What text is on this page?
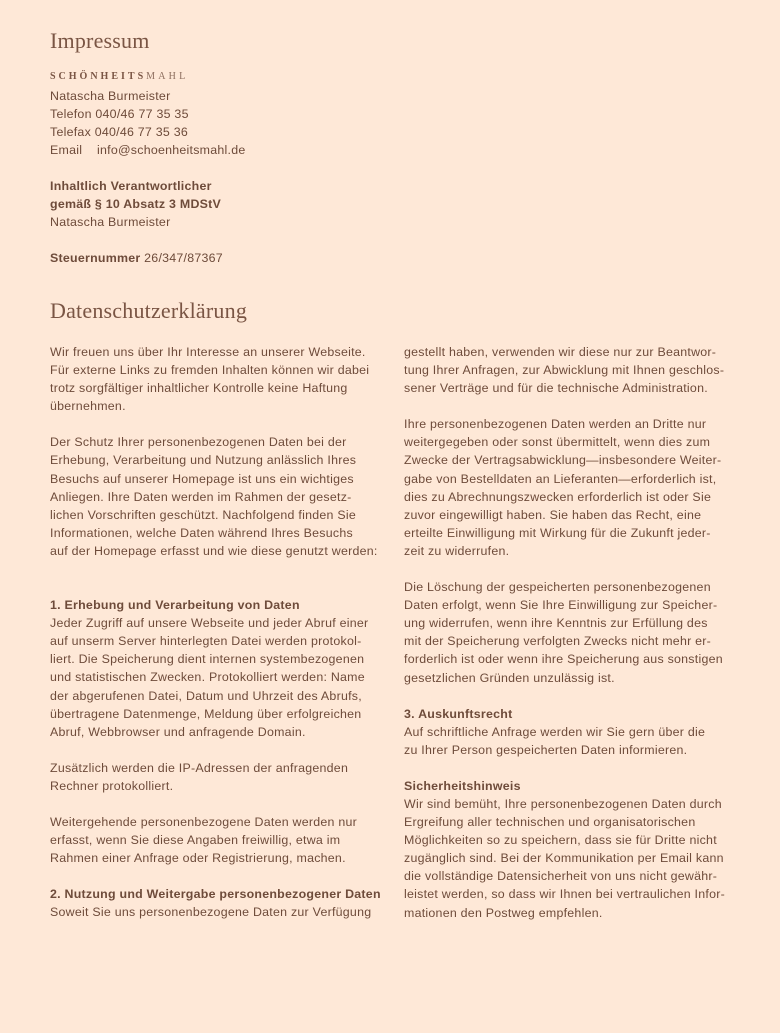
Impressum
SCHÖNHEITSMAHL
Natascha Burmeister
Telefon 040/46 77 35 35
Telefax 040/46 77 35 36
Email info@schoenheitsmahl.de
Inhaltlich Verantwortlicher
gemäß § 10 Absatz 3 MDStV
Natascha Burmeister
Steuernummer 26/347/87367
Datenschutzerklärung

Wir freuen uns über Ihr Interesse an unserer Webseite.

Für externe Links zu fremden Inhalten können wir dabei

trotz sorgfältiger inhaltlicher Kontrolle keine Haftung

übernehmen.

Der Schutz Ihrer personenbezogenen Daten bei der

Erhebung, Verarbeitung und Nutzung anlässlich Ihres

Besuchs auf unserer Homepage ist uns ein wichtiges

Anliegen. Ihre Daten werden im Rahmen der gesetz-

lichen Vorschriften geschützt. Nachfolgend finden Sie

Informationen, welche Daten während Ihres Besuchs

auf der Homepage erfasst und wie diese genutzt werden:

1. Erhebung und Verarbeitung von Daten

Jeder Zugriff auf unsere Webseite und jeder Abruf einer

auf unserm Server hinterlegten Datei werden protokol-

liert. Die Speicherung dient internen systembezogenen

und statistischen Zwecken. Protokolliert werden: Name

der abgerufenen Datei, Datum und Uhrzeit des Abrufs,

übertragene Datenmenge, Meldung über erfolgreichen

Abruf, Webbrowser und anfragende Domain.

Zusätzlich werden die IP-Adressen der anfragenden

Rechner protokolliert.

Weitergehende personenbezogene Daten werden nur

erfasst, wenn Sie diese Angaben freiwillig, etwa im

Rahmen einer Anfrage oder Registrierung, machen.

2. Nutzung und Weitergabe personenbezogener Daten

Soweit Sie uns personenbezogene Daten zur Verfügung

gestellt haben, verwenden wir diese nur zur Beantwor-

tung Ihrer Anfragen, zur Abwicklung mit Ihnen geschlos-

sener Verträge und für die technische Administration.

Ihre personenbezogenen Daten werden an Dritte nur

weitergegeben oder sonst übermittelt, wenn dies zum

Zwecke der Vertragsabwicklung—insbesondere Weiter-

gabe von Bestelldaten an Lieferanten—erforderlich ist,

dies zu Abrechnungszwecken erforderlich ist oder Sie

zuvor eingewilligt haben. Sie haben das Recht, eine

erteilte Einwilligung mit Wirkung für die Zukunft jeder-

zeit zu widerrufen.

Die Löschung der gespeicherten personenbezogenen

Daten erfolgt, wenn Sie Ihre Einwilligung zur Speicher-

ung widerrufen, wenn ihre Kenntnis zur Erfüllung des

mit der Speicherung verfolgten Zwecks nicht mehr er-

forderlich ist oder wenn ihre Speicherung aus sonstigen

gesetzlichen Gründen unzulässig ist.

3. Auskunftsrecht

Auf schriftliche Anfrage werden wir Sie gern über die

zu Ihrer Person gespeicherten Daten informieren.

Sicherheitshinweis

Wir sind bemüht, Ihre personenbezogenen Daten durch

Ergreifung aller technischen und organisatorischen

Möglichkeiten so zu speichern, dass sie für Dritte nicht

zugänglich sind. Bei der Kommunikation per Email kann

die vollständige Datensicherheit von uns nicht gewähr-

leistet werden, so dass wir Ihnen bei vertraulichen Infor-

mationen den Postweg empfehlen.
